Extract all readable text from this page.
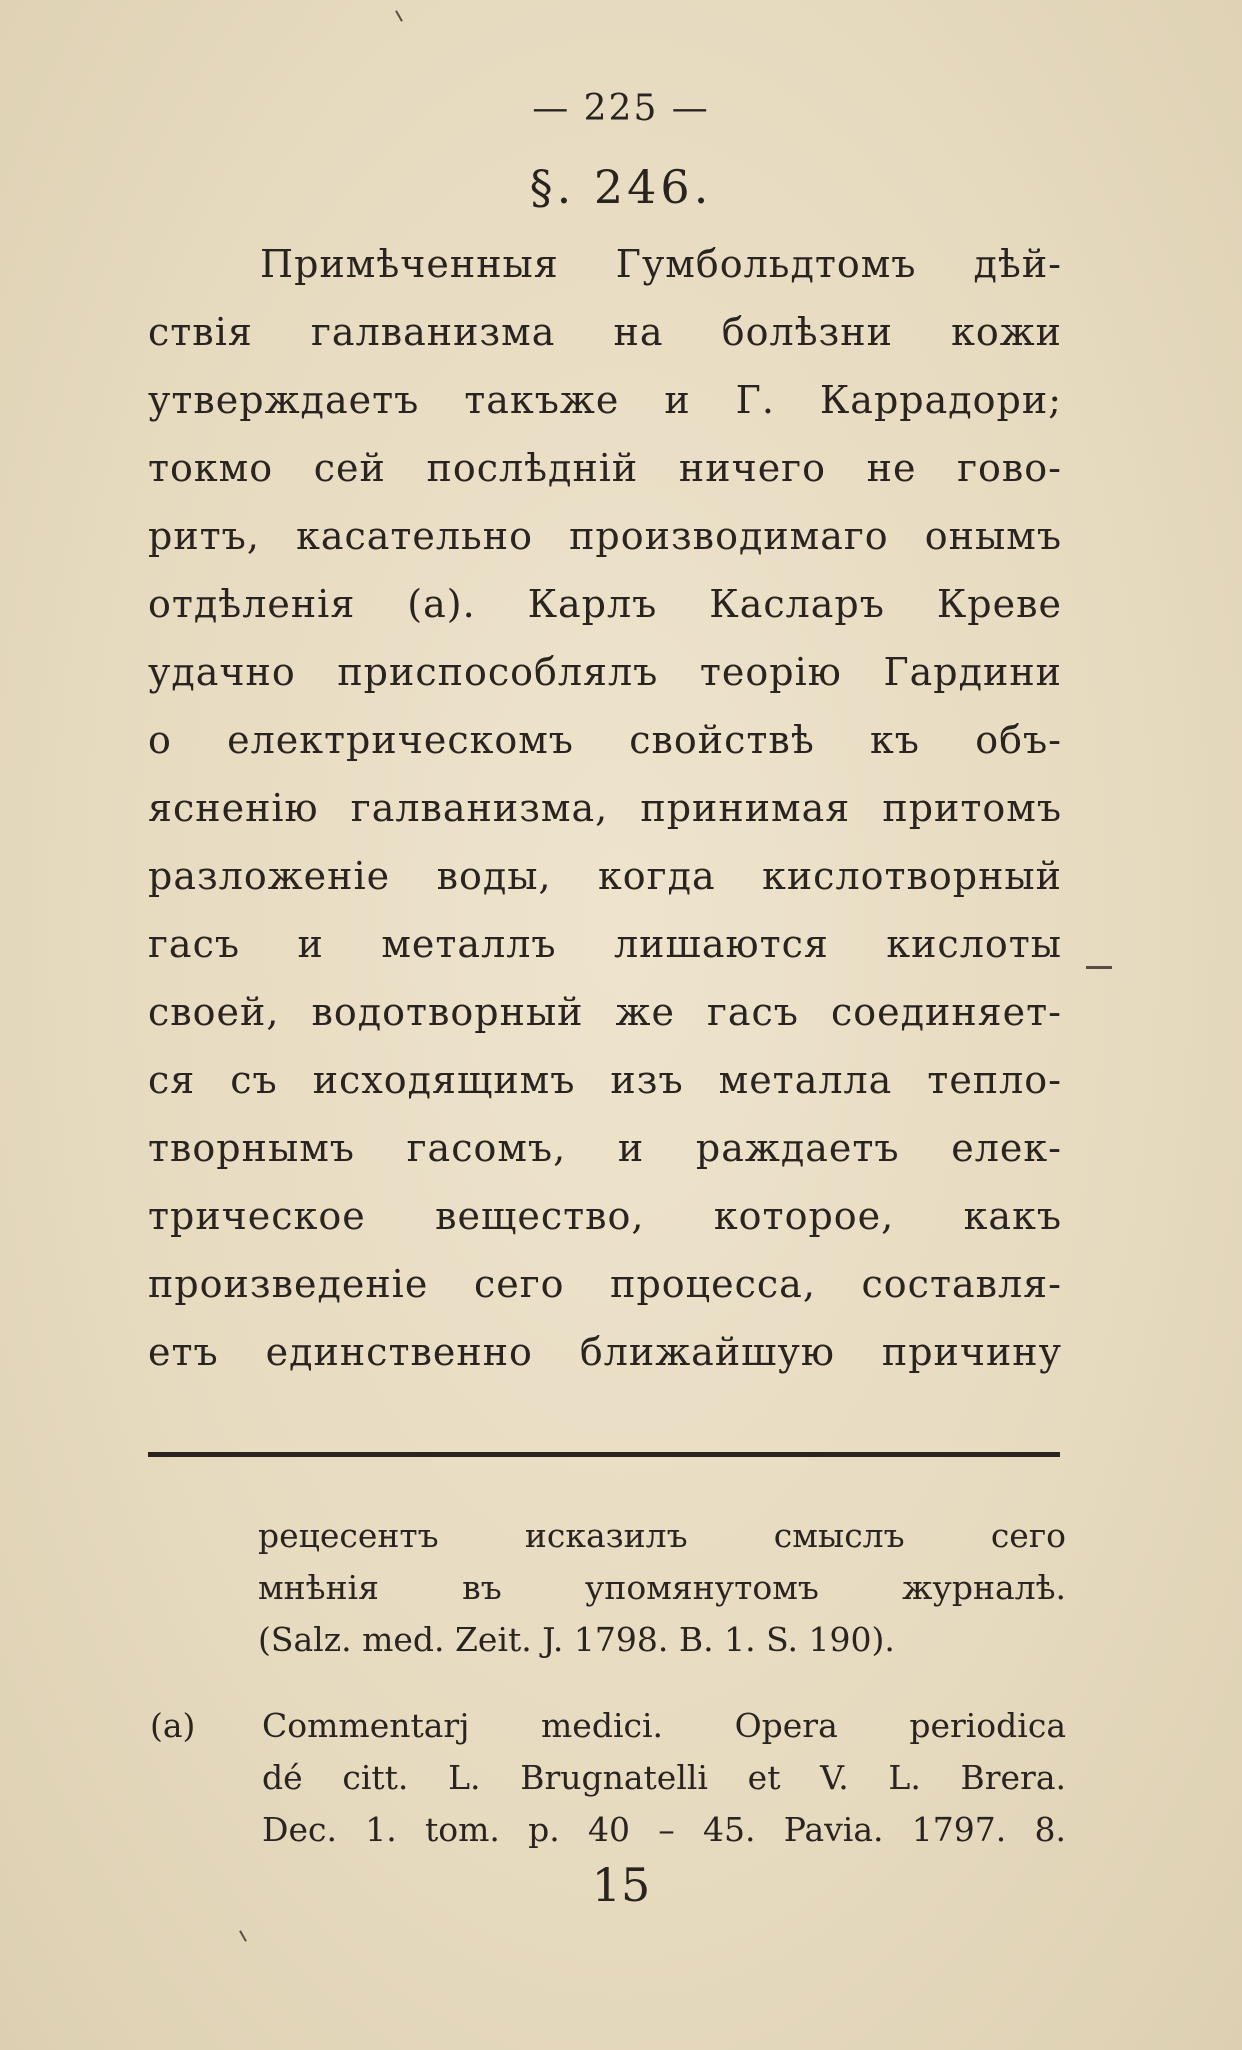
— 225 —
§. 246.
Примѣченныя Гумбольдтомъ дѣй-
ствія галванизма на болѣзни кожи
утверждаетъ такъже и Г. Каррадори;
токмо сей послѣдній ничего не гово-
ритъ, касательно производимаго онымъ
отдѣленія (а). Карлъ Касларъ Креве
удачно приспособлялъ теорію Гардини
о електрическомъ свойствѣ къ объ-
ясненію галванизма, принимая притомъ
разложеніе воды, когда кислотворный
гасъ и металлъ лишаются кислоты
своей, водотворный же гасъ соединяет-
ся съ исходящимъ изъ металла тепло-
творнымъ гасомъ, и раждаетъ елек-
трическое вещество, которое, какъ
произведеніе сего процесса, составля-
етъ единственно ближайшую причину
рецесентъ исказилъ смыслъ сего
мнѣнія въ упомянутомъ журналѣ.
(Salz. med. Zeit. J. 1798. B. 1. S. 190).
(a) Commentarj medici. Opera periodica
dé citt. L. Brugnatelli et V. L. Brera.
Dec. 1. tom. p. 40 – 45. Pavia. 1797. 8.
15
